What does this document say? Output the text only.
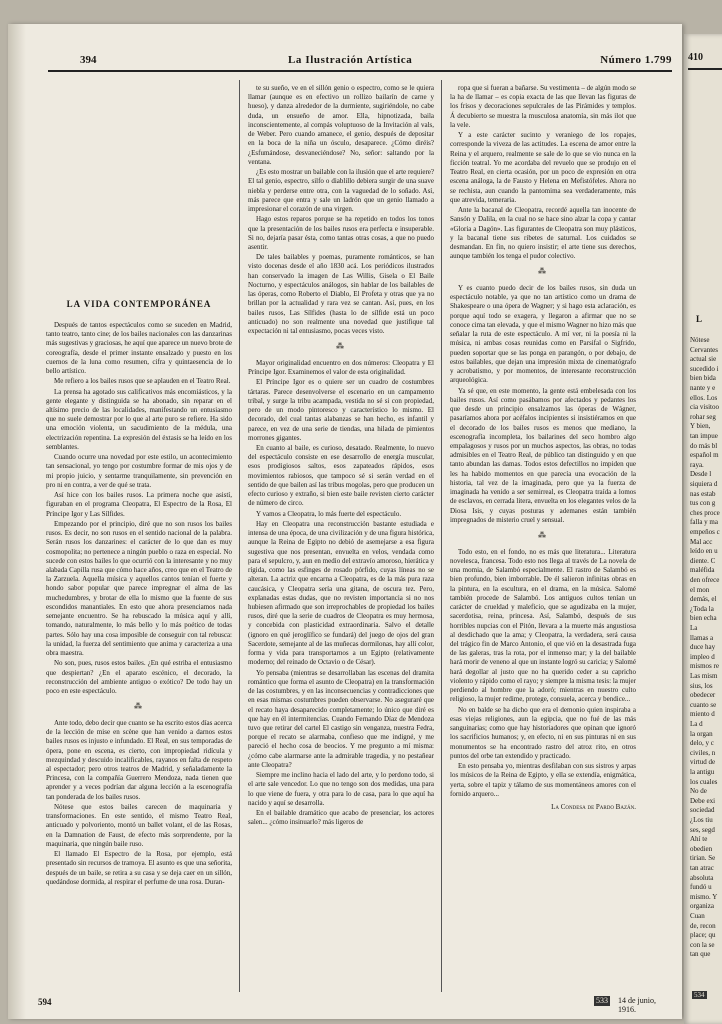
394	La Ilustración Artística	Número 1.799
LA VIDA CONTEMPORÁNEA

Después de tantos espectáculos como se suceden en Madrid, tanto teatro, tanto cine; de los bailes nacionales con las danzarinas más sugestivas y graciosas, he aquí que aparece un nuevo brote de coreografía, desde el primer instante ensalzado y puesto en los cuernos de la luna como resumen, cifra y quintaesencia de lo bello artístico.

Me refiero a los bailes rusos que se aplauden en el Teatro Real.

La prensa ha agotado sus calificativos más encomiásticos, y la gente elegante y distinguida se ha abonado, sin reparar en el altísimo precio de las localidades, manifestando un entusiasmo que no suele demostrar por lo que al arte puro se refiere. Ha sido una emoción violenta, un sacudimiento de la médula, una electrización repentina. La expresión del éxtasis se ha leído en los semblantes.

Cuando ocurre una novedad por este estilo, un acontecimiento tan sensacional, yo tengo por costumbre formar de mis ojos y de mi propio juicio, y sentarme tranquilamente, sin prevención en pro ni en contra, a ver de qué se trata.

Así hice con los bailes rusos. La primera noche que asistí, figuraban en el programa Cleopatra, El Espectro de la Rosa, El Príncipe Igor y Las Sílfides.

Empezando por el principio, diré que no son rusos los bailes rusos. Es decir, no son rusos en el sentido nacional de la palabra. Serán rusos los danzarines: el carácter de lo que dan es muy cosmopolita; no pertenece a ningún pueblo o raza en especial. No sucede con estos bailes lo que ocurrió con la interesante y no muy alabada Capilla rusa que cómo hace años, creo que en el Teatro de la Zarzuela. Aquella música y aquellos cantos tenían el fuerte y hondo sabor popular que parece impregnar el alma de las muchedumbres, y brotar de ella lo mismo que la fuente de sus escondidos manantiales. En esto que ahora presenciamos nada semejante encuentro. Se ha rebuscado la música aquí y allí, tomando, naturalmente, lo más bello y lo más poético de todas partes. Sólo hay una cosa imposible de conseguir con tal rebusca: la unidad, la fuerza del sentimiento que anima y caracteriza a una obra maestra.

No son, pues, rusos estos bailes. ¿En qué estriba el entusiasmo que despiertan? ¿En el aparato escénico, el decorado, la reconstrucción del ambiente antiguo o exótico? De todo hay un poco en este espectáculo.

⁂

Ante todo, debo decir que cuanto se ha escrito estos días acerca de la lección de mise en scène que han venido a darnos estos bailes rusos es injusto e infundado. El Real, en sus temporadas de ópera, pone en escena, es cierto, con impropiedad ridícula y mezquindad y descuido incalificables, rayanos en falta de respeto al espectador; pero otros teatros de Madrid, y señaladamente la Princesa, con la compañía Guerrero Mendoza, nada tienen que aprender y a veces podrían dar alguna lección a la escenografía tan ponderada de los bailes rusos.

Nótese que estos bailes carecen de maquinaria y transformaciones. En este sentido, el mismo Teatro Real, anticuado y polvoriento, montó un ballet volant, el de las Rosas, en la Damnation de Faust, de efecto más sorprendente, por la maquinaria, que ningún baile ruso.

El llamado El Espectro de la Rosa, por ejemplo, está presentado sin recursos de tramoya. El asunto es que una señorita, después de un baile, se retira a su casa y se deja caer en un sillón, quedándose dormida, al respirar el perfume de una rosa. Duran-

te su sueño, ve en el sillón genio o espectro, como se le quiera llamar (aunque es en efectivo un rollizo bailarín de carne y hueso), y danza alrededor de la durmiente, sugiriéndole, no cabe duda, un ensueño de amor. Ella, hipnotizada, baila inconscientemente, al compás voluptuoso de la Invitación al vals, de Weber. Pero cuando amanece, el genio, después de depositar en la boca de la niña un ósculo, desaparece. ¿Cómo diréis? ¿Esfumándose, desvaneciéndose? No, señor: saltando por la ventana.

¿Es esto mostrar un bailable con la ilusión que el arte requiere? El tal genio, espectro, silfo o diablillo debiera surgir de una suave niebla y perderse entre otra, con la vaguedad de lo soñado. Así, más parece que entra y sale un ladrón que un genio llamado a impresionar el corazón de una virgen.

Hago estos reparos porque se ha repetido en todos los tonos que la presentación de los bailes rusos era perfecta e insuperable. Si no, dejaría pasar ésta, como tantas otras cosas, a que no puedo asentir.

De tales bailables y poemas, puramente románticos, se han visto docenas desde el año 1830 acá. Los periódicos ilustrados han conservado la imagen de Las Willis, Gisela o El Baile Nocturno, y espectáculos análogos, sin hablar de los bailables de las óperas, como Roberto el Diablo, El Profeta y otras que ya no brillan por la actualidad y rara vez se cantan. Así, pues, en los bailes rusos, Las Sílfides (hasta lo de sílfide está un poco anticuado) no son realmente una novedad que justifique tal expectación ni tal entusiasmo, pocas veces visto.

⁂

Mayor originalidad encuentro en dos números: Cleopatra y El Príncipe Igor. Examinemos el valor de esta originalidad.

El Príncipe Igor es o quiere ser un cuadro de costumbres tártaras. Parece desenvolverse el escenario en un campamento tribal, y surge la tribu acampada, vestida no sé si con propiedad, pero de un modo pintoresco y característico lo mismo. El decorado, del cual tantas alabanzas se han hecho, es infantil y parece, en vez de una serie de tiendas, una hilada de pimientos morrones gigantes.

En cuanto al baile, es curioso, desatado. Realmente, lo nuevo del espectáculo consiste en ese desarrollo de energía muscular, esos prodigiosos saltos, esos zapateados rápidos, esos movimientos rabiosos, que tampoco sé si serán verdad en el sentido de que bailen así las tribus mogolas, pero que producen un efecto curioso y extraño, si bien este baile revisten cierto carácter de número de circo.

Y vamos a Cleopatra, lo más fuerte del espectáculo.

Hay en Cleopatra una reconstrucción bastante estudiada e intensa de una época, de una civilización y de una figura histórica, aunque la Reina de Egipto no debió de asemejarse a esa figura sugestiva que nos presentan, envuelta en velos, vendada como para el sepulcro, y, aun en medio del extravío amoroso, hierática y rígida, como las esfinges de rosado pórfido, cuyas líneas no se alteran. La actriz que encarna a Cleopatra, es de la más pura raza caucásica, y Cleopatra sería una gitana, de oscura tez. Pero, explanadas estas dudas, que no revisten importancia si no nos hubiesen afirmado que son irreprochables de propiedad los bailes rusos, diré que la serie de cuadros de Cleopatra es muy hermosa, y concebida con plasticidad extraordinaria. Salvo el detalle (ignoro en qué jeroglífico se fundará) del juego de ojos del gran Sacerdote, semejante al de las muñecas dormilonas, hay allí color, forma y vida para transportarnos a un Egipto (relativamente moderno; del reinado de Octavio o de César).

Yo pensaba (mientras se desarrollaban las escenas del dramita romántico que forma el asunto de Cleopatra) en la transformación de las costumbres, y en las inconsecuencias y contradicciones que en esas mismas costumbres pueden observarse. No aseguraré que el recato haya desaparecido completamente; lo único que diré es que hay en él intermitencias. Cuando Fernando Díaz de Mendoza tuvo que retirar del cartel El castigo sin venganza, nuestra Fedra, porque el recato se alarmaba, confieso que me indigné, y me pareció el hecho cosa de beocios. Y me pregunto a mí misma: ¿cómo cabe alarmarse ante la admirable tragedia, y no pestañear ante Cleopatra?

Siempre me inclino hacia el lado del arte, y lo perdono todo, si el arte sale vencedor. Lo que no tengo son dos medidas, una para lo que viene de fuera, y otra para lo de casa, para lo que aquí ha nacido y aquí se desarrolla.

En el bailable dramático que acabo de presenciar, los actores salen... ¿cómo insinuarlo? más ligeros de

ropa que si fueran a bañarse. Su vestimenta – de algún modo se la ha de llamar – es copia exacta de las que llevan las figuras de los frisos y decoraciones sepulcrales de las Pirámides y templos. Á decubierto se muestra la musculosa anatomía, sin más ilot que la vele.

Y a este carácter sucinto y veraniego de los ropajes, corresponde la viveza de las actitudes. La escena de amor entre la Reina y el arquero, realmente se sale de lo que se vio nunca en la ficción teatral. Yo me acordaba del revuelo que se produjo en el Teatro Real, en cierta ocasión, por un poco de expresión en otra escena análoga, la de Fausto y Helena en Mefistófeles. Ahora no se rechista, aun cuando la pantomima sea verdaderamente, más que atrevida, temeraria.

Ante la bacanal de Cleopatra, recordé aquella tan inocente de Sansón y Dalila, en la cual no se hace sino alzar la copa y cantar «Gloria a Dagón». Las figurantes de Cleopatra son muy plásticos, y la bacanal tiene sus ribetes de saturnal. Los cuidados se desmandan. En fin, no quiero insistir; el arte tiene sus derechos, aunque también los tenga el pudor colectivo.

⁂

Y es cuanto puedo decir de los bailes rusos, sin duda un espectáculo notable, ya que no tan artístico como un drama de Shakespeare o una ópera de Wagner; y si hago esta aclaración, es porque aquí todo se exagera, y llegaron a afirmar que no se conoce cima tan elevada, y que el mismo Wagner no hizo más que señalar la ruta de este espectáculo. A mí ver, ni la poesía ni la música, ni ambas cosas reunidas como en Parsifal o Sigfrido, pueden soportar que se las ponga en parangón, o por debajo, de estos bailables, que dejan una impresión mixta de cinematógrafo y acrobatismo, y por momentos, de interesante reconstrucción arqueológica.

Ya sé que, en este momento, la gente está embelesada con los bailes rusos. Así como pasábamos por afectados y pedantes los que desde un principio ensalzamos las óperas de Wágner, pasaríamos ahora por acéfalos incipientes si insistiéramos en que el decorado de los bailes rusos es menos que mediano, la escenografía incompleta, los bailarines del seco hombro algo empalagosos y rusos por un muchos aspectos, las obras, no todas admisibles en el Teatro Real, de público tan distinguido y en que tanto abundan las damas. Todos estos defectillos no impiden que les ha habido momentos en que parecía una evocación de la historia, tal vez de la imaginada, pero que ya la fuerza de imaginada ha venido a ser semirreal, es Cleopatra traída a lomos de esclavos, en cerrada litera, envuelta en los elegantes velos de la Diosa Isis, y cuyas posturas y ademanes están también impregnados de misterio cruel y sensual.

⁂

Todo esto, en el fondo, no es más que literatura... Literatura novelesca, francesa. Todo esto nos llega al través de La novela de una momia, de Salambó especialmente. El rastro de Salambó es bien profundo, bien imborrable. De él salieron infinitas obras en la pintura, en la escultura, en el drama, en la música. Salomé también procede de Salambó. Los antiguos cultos tenían un carácter de crueldad y maleficio, que se agudizaba en la mujer, sacerdotisa, reina, princesa. Así, Salambó, después de sus horribles nupcias con el Pitón, llevara a la muerte más angustiosa al desdichado que la ama; y Cleopatra, la verdadera, será causa del trágico fin de Marco Antonio, el que vió en la desastrada fuga de las galeras, tras la rota, por el inmenso mar; y la del bailable hará morir de veneno al que un instante logró su caricia; y Salomé hará degollar al justo que no ha querido ceder a su capricho violento y rápido como el rayo; y siempre la misma tesis: la mujer perdiendo al hombre que la adoró; mientras en nuestro culto religioso, la mujer redime, protege, consuela, acerca y bendice...

No en balde se ha dicho que era el demonio quien inspiraba a esas viejas religiones, aun la egipcia, que no fué de las más sanguinarias; como que hay historiadores que opinan que ignoró los sacrificios humanos; y, en efecto, ni en sus pinturas ni en sus monumentos se ha encontrado rastro del atroz rito, en otros puntos del orbe tan extendido y practicado.

En esto pensaba yo, mientras desfilaban con sus sistros y arpas los músicos de la Reina de Egipto, y ella se extendía, enigmática, yerta, sobre el tapiz y tálamo de sus momentáneos amores con el fornido arquero...

La Condesa de Pardo Bazán.

594	533 14 de junio, 1916.
410
L
Nótese
Cervantes
actual sie
sucedido i
bien bida
nante y e
ellos. Los
cia visitoo
rohar seg
Y bien,
tan impue
do más bl
español m
raya.
Desde l
siquiera d
nas estab
tus con g
ches proce
falla y ma
empeños c
Mal acc
leído en u
diente. C
maléfida
den ofrece
el mon
demás, el
¿Toda la
bien echa
La
llamas a
duce hay
impleo d
mismos re
Las mism
sius, los
obedecer
cuanto se
miento d
La d
la organ
delo, y c
civiles, n
virtud de
la antigu
los cuales
No de
Debe exi
sociedad
¿Los tiu
ses, segd
Ahí te
obedien
tirian. Se
tan atrac
absoluta
fundó u
mismo. Y
organiza
Cuan
de, recon
place; qu
con la se
tan que
534
